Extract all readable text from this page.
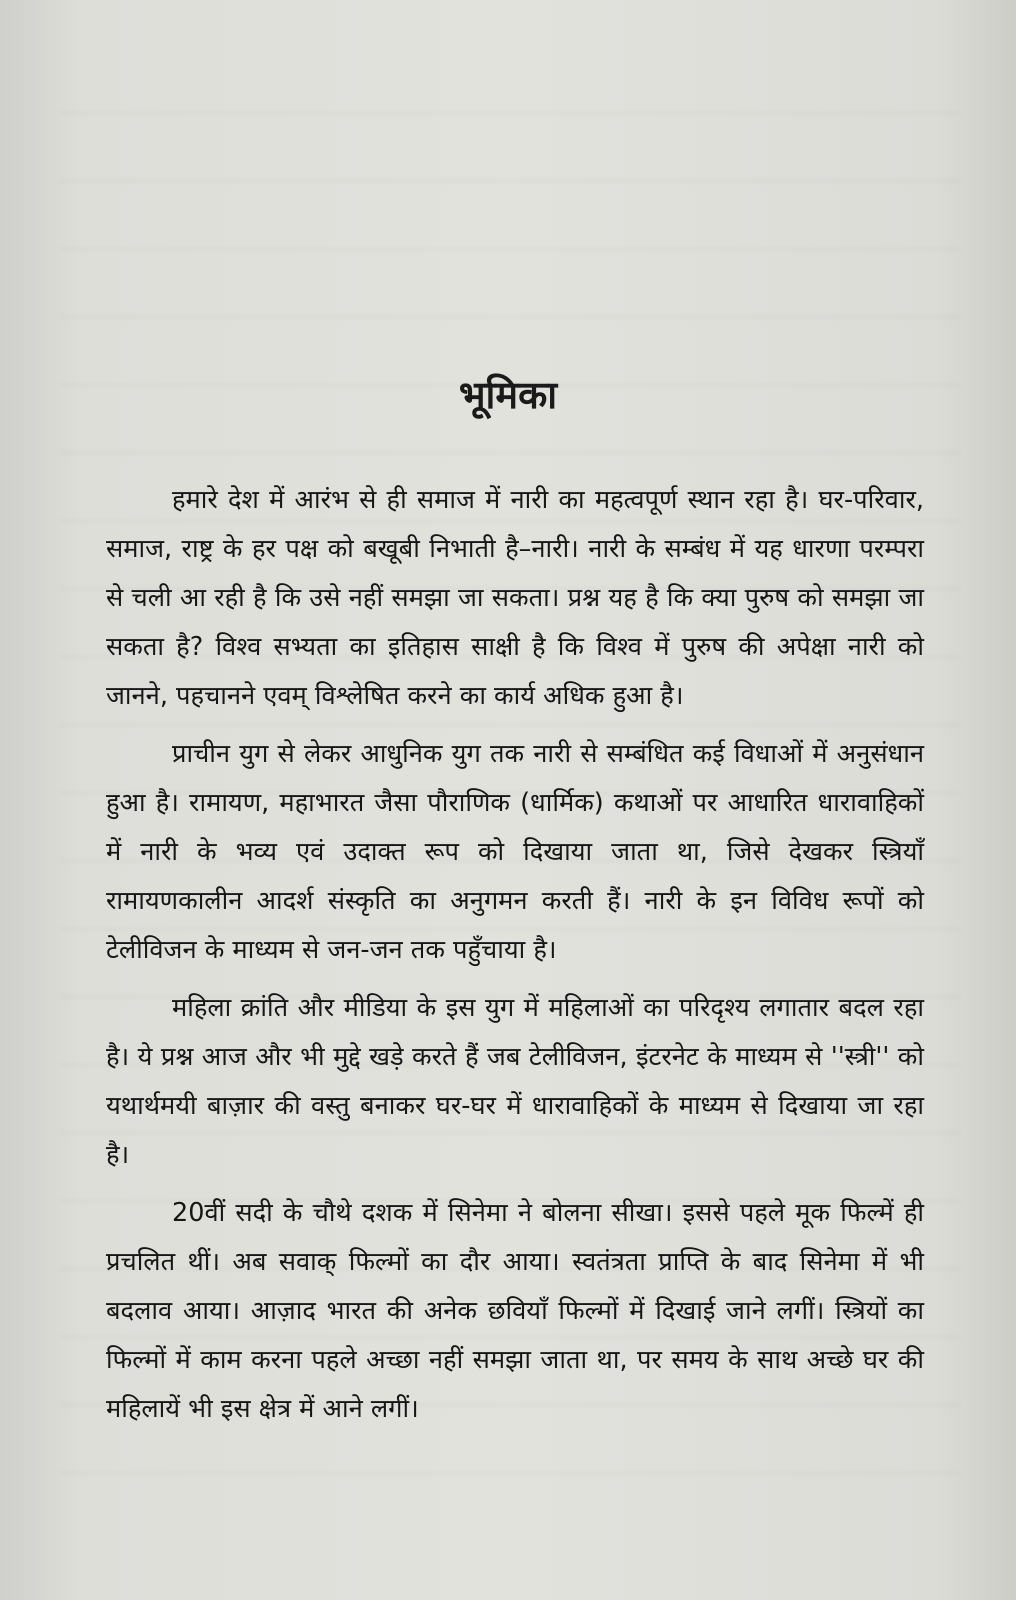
भूमिका

हमारे देश में आरंभ से ही समाज में नारी का महत्वपूर्ण स्थान रहा है। घर-परिवार, समाज, राष्ट्र के हर पक्ष को बखूबी निभाती है–नारी। नारी के सम्बंध में यह धारणा परम्परा से चली आ रही है कि उसे नहीं समझा जा सकता। प्रश्न यह है कि क्या पुरुष को समझा जा सकता है? विश्व सभ्यता का इतिहास साक्षी है कि विश्व में पुरुष की अपेक्षा नारी को जानने, पहचानने एवम् विश्लेषित करने का कार्य अधिक हुआ है।

प्राचीन युग से लेकर आधुनिक युग तक नारी से सम्बंधित कई विधाओं में अनुसंधान हुआ है। रामायण, महाभारत जैसा पौराणिक (धार्मिक) कथाओं पर आधारित धारावाहिकों में नारी के भव्य एवं उदाक्त रूप को दिखाया जाता था, जिसे देखकर स्त्रियाँ रामायणकालीन आदर्श संस्कृति का अनुगमन करती हैं। नारी के इन विविध रूपों को टेलीविजन के माध्यम से जन-जन तक पहुँचाया है।

महिला क्रांति और मीडिया के इस युग में महिलाओं का परिदृश्य लगातार बदल रहा है। ये प्रश्न आज और भी मुद्दे खड़े करते हैं जब टेलीविजन, इंटरनेट के माध्यम से ''स्त्री'' को यथार्थमयी बाज़ार की वस्तु बनाकर घर-घर में धारावाहिकों के माध्यम से दिखाया जा रहा है।

20वीं सदी के चौथे दशक में सिनेमा ने बोलना सीखा। इससे पहले मूक फिल्में ही प्रचलित थीं। अब सवाक् फिल्मों का दौर आया। स्वतंत्रता प्राप्ति के बाद सिनेमा में भी बदलाव आया। आज़ाद भारत की अनेक छवियाँ फिल्मों में दिखाई जाने लगीं। स्त्रियों का फिल्मों में काम करना पहले अच्छा नहीं समझा जाता था, पर समय के साथ अच्छे घर की महिलायें भी इस क्षेत्र में आने लगीं।
